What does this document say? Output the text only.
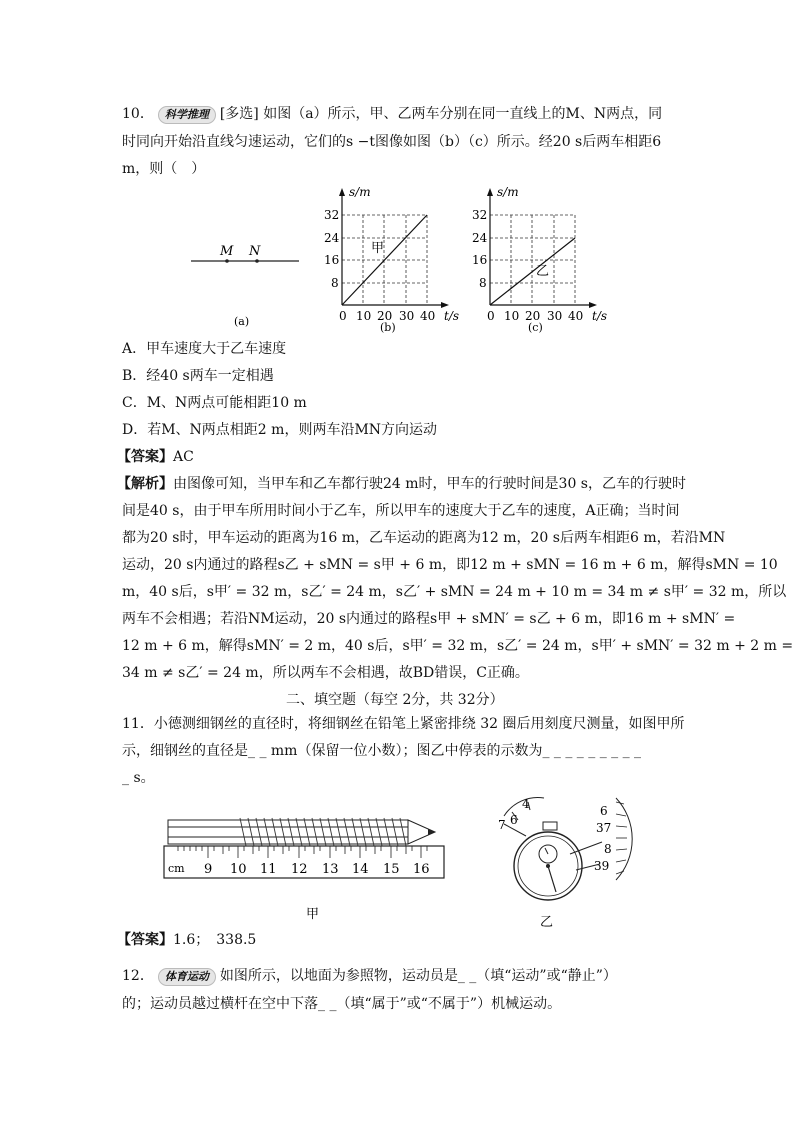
10． 科学推理 [多选] 如图（a）所示，甲、乙两车分别在同一直线上的M、N两点，同
时同向开始沿直线匀速运动，它们的s −t图像如图（b）（c）所示。经20 s后两车相距6
m，则（　）
M N
(a)
s/m
32
24
16
8
0 10 20 30 40 t/s
甲
(b)
s/m
32
24
16
8
0 10 20 30 40 t/s
乙
(c)
A．甲车速度大于乙车速度
B．经40 s两车一定相遇
C．M、N两点可能相距10 m
D．若M、N两点相距2 m，则两车沿MN方向运动
【答案】AC
【解析】由图像可知，当甲车和乙车都行驶24 m时，甲车的行驶时间是30 s，乙车的行驶时
间是40 s，由于甲车所用时间小于乙车，所以甲车的速度大于乙车的速度，A正确；当时间
都为20 s时，甲车运动的距离为16 m，乙车运动的距离为12 m，20 s后两车相距6 m，若沿MN
运动，20 s内通过的路程s乙 + sMN = s甲 + 6 m，即12 m + sMN = 16 m + 6 m，解得sMN = 10
m，40 s后，s甲′ = 32 m，s乙′ = 24 m，s乙′ + sMN = 24 m + 10 m = 34 m ≠ s甲′ = 32 m，所以
两车不会相遇；若沿NM运动，20 s内通过的路程s甲 + sMN′ = s乙 + 6 m，即16 m + sMN′ =
12 m + 6 m，解得sMN′ = 2 m，40 s后，s甲′ = 32 m，s乙′ = 24 m，s甲′ + sMN′ = 32 m + 2 m =
34 m ≠ s乙′ = 24 m，所以两车不会相遇，故BD错误，C正确。
二、填空题（每空 2分，共 32分）
11．小德测细钢丝的直径时，将细钢丝在铅笔上紧密排绕 32 圈后用刻度尺测量，如图甲所
示，细钢丝的直径是_ _ mm（保留一位小数）；图乙中停表的示数为_ _ _ _ _ _ _ _ _
_ s。
cm 9 10 11 12 13 14 15 16
甲
4
6
7
6
37
8
39
乙
【答案】1.6；　338.5
12． 体育运动 如图所示，以地面为参照物，运动员是_ _（填“运动”或“静止”）
的；运动员越过横杆在空中下落_ _（填“属于”或“不属于”）机械运动。
